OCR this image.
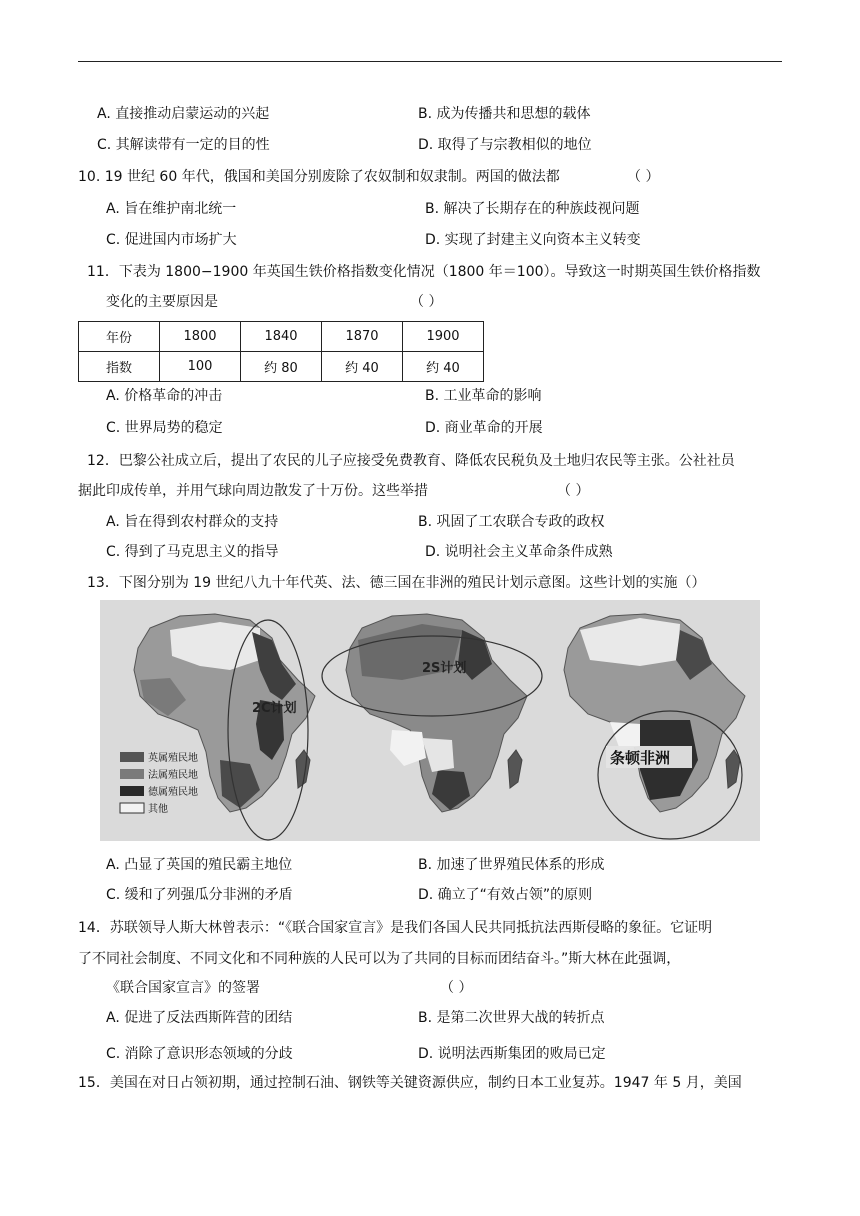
A. 直接推动启蒙运动的兴起	B. 成为传播共和思想的载体
C. 其解读带有一定的目的性	D. 取得了与宗教相似的地位
10. 19 世纪 60 年代，俄国和美国分别废除了农奴制和奴隶制。两国的做法都	（ ）
A. 旨在维护南北统一	B. 解决了长期存在的种族歧视问题
C. 促进国内市场扩大	D. 实现了封建主义向资本主义转变
11．下表为 1800−1900 年英国生铁价格指数变化情况（1800 年＝100）。导致这一时期英国生铁价格指数
变化的主要原因是	（ ）
年份	1800	1840	1870	1900
指数	100	约 80	约 40	约 40
A. 价格革命的冲击	B. 工业革命的影响
C. 世界局势的稳定	D. 商业革命的开展
12．巴黎公社成立后，提出了农民的儿子应接受免费教育、降低农民税负及土地归农民等主张。公社社员
据此印成传单，并用气球向周边散发了十万份。这些举措	（ ）
A. 旨在得到农村群众的支持	B. 巩固了工农联合专政的政权
C. 得到了马克思主义的指导	D. 说明社会主义革命条件成熟
13．下图分别为 19 世纪八九十年代英、法、德三国在非洲的殖民计划示意图。这些计划的实施（）
2C计划
英属殖民地
法属殖民地
德属殖民地
其他
2S计划
条顿非洲
A. 凸显了英国的殖民霸主地位	B. 加速了世界殖民体系的形成
C. 缓和了列强瓜分非洲的矛盾	D. 确立了“有效占领”的原则
14．苏联领导人斯大林曾表示：“《联合国家宣言》是我们各国人民共同抵抗法西斯侵略的象征。它证明
了不同社会制度、不同文化和不同种族的人民可以为了共同的目标而团结奋斗。”斯大林在此强调，
《联合国家宣言》的签署	（ ）
A. 促进了反法西斯阵营的团结	B. 是第二次世界大战的转折点
C. 消除了意识形态领域的分歧	D. 说明法西斯集团的败局已定
15．美国在对日占领初期，通过控制石油、钢铁等关键资源供应，制约日本工业复苏。1947 年 5 月，美国
